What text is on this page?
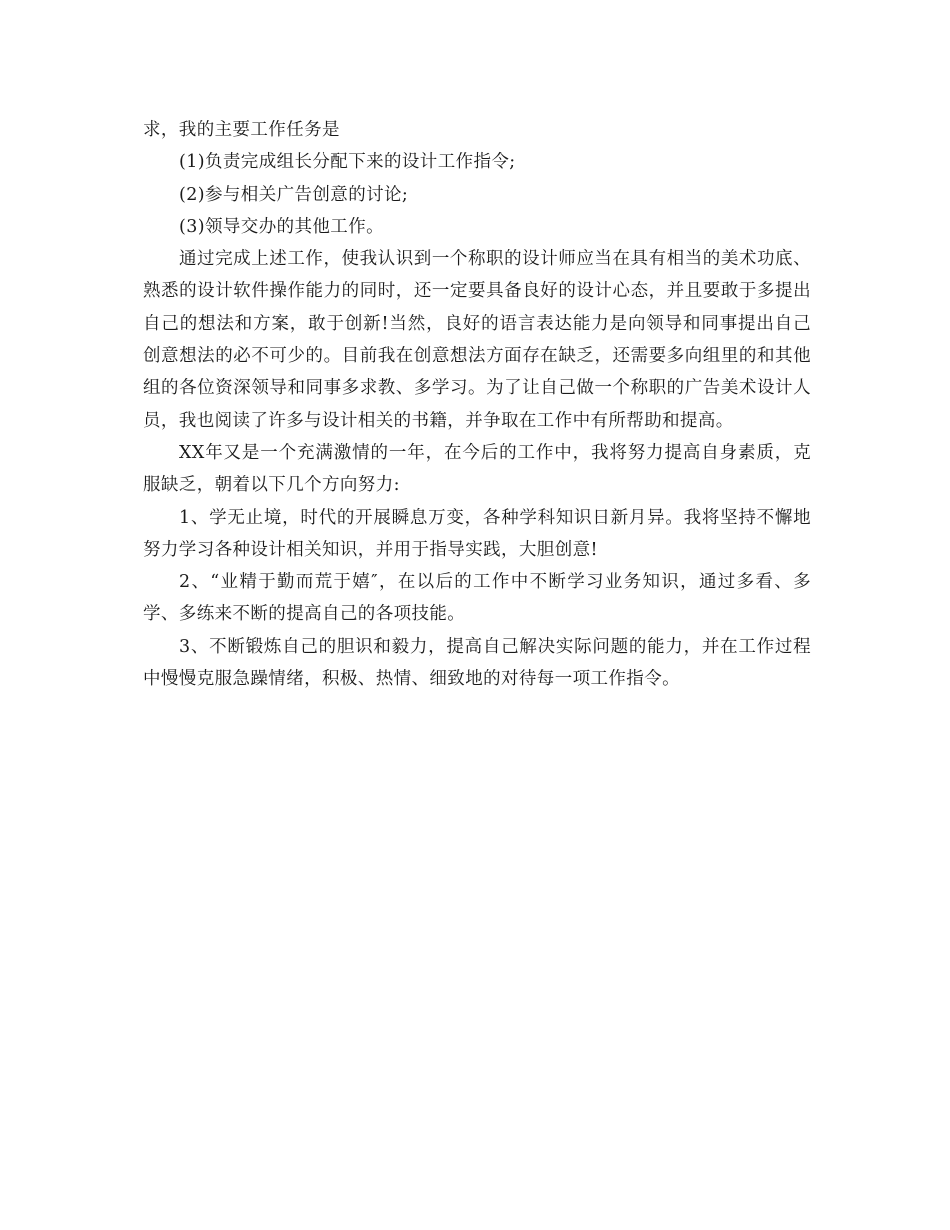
求，我的主要工作任务是

(1)负责完成组长分配下来的设计工作指令;

(2)参与相关广告创意的讨论;

(3)领导交办的其他工作。

通过完成上述工作，使我认识到一个称职的设计师应当在具有相当的美术功底、熟悉的设计软件操作能力的同时，还一定要具备良好的设计心态，并且要敢于多提出自己的想法和方案，敢于创新!当然，良好的语言表达能力是向领导和同事提出自己创意想法的必不可少的。目前我在创意想法方面存在缺乏，还需要多向组里的和其他组的各位资深领导和同事多求教、多学习。为了让自己做一个称职的广告美术设计人员，我也阅读了许多与设计相关的书籍，并争取在工作中有所帮助和提高。

XX年又是一个充满激情的一年，在今后的工作中，我将努力提高自身素质，克服缺乏，朝着以下几个方向努力:

1、学无止境，时代的开展瞬息万变，各种学科知识日新月异。我将坚持不懈地努力学习各种设计相关知识，并用于指导实践，大胆创意!

2、“业精于勤而荒于嬉″，在以后的工作中不断学习业务知识，通过多看、多学、多练来不断的提高自己的各项技能。

3、不断锻炼自己的胆识和毅力，提高自己解决实际问题的能力，并在工作过程中慢慢克服急躁情绪，积极、热情、细致地的对待每一项工作指令。
